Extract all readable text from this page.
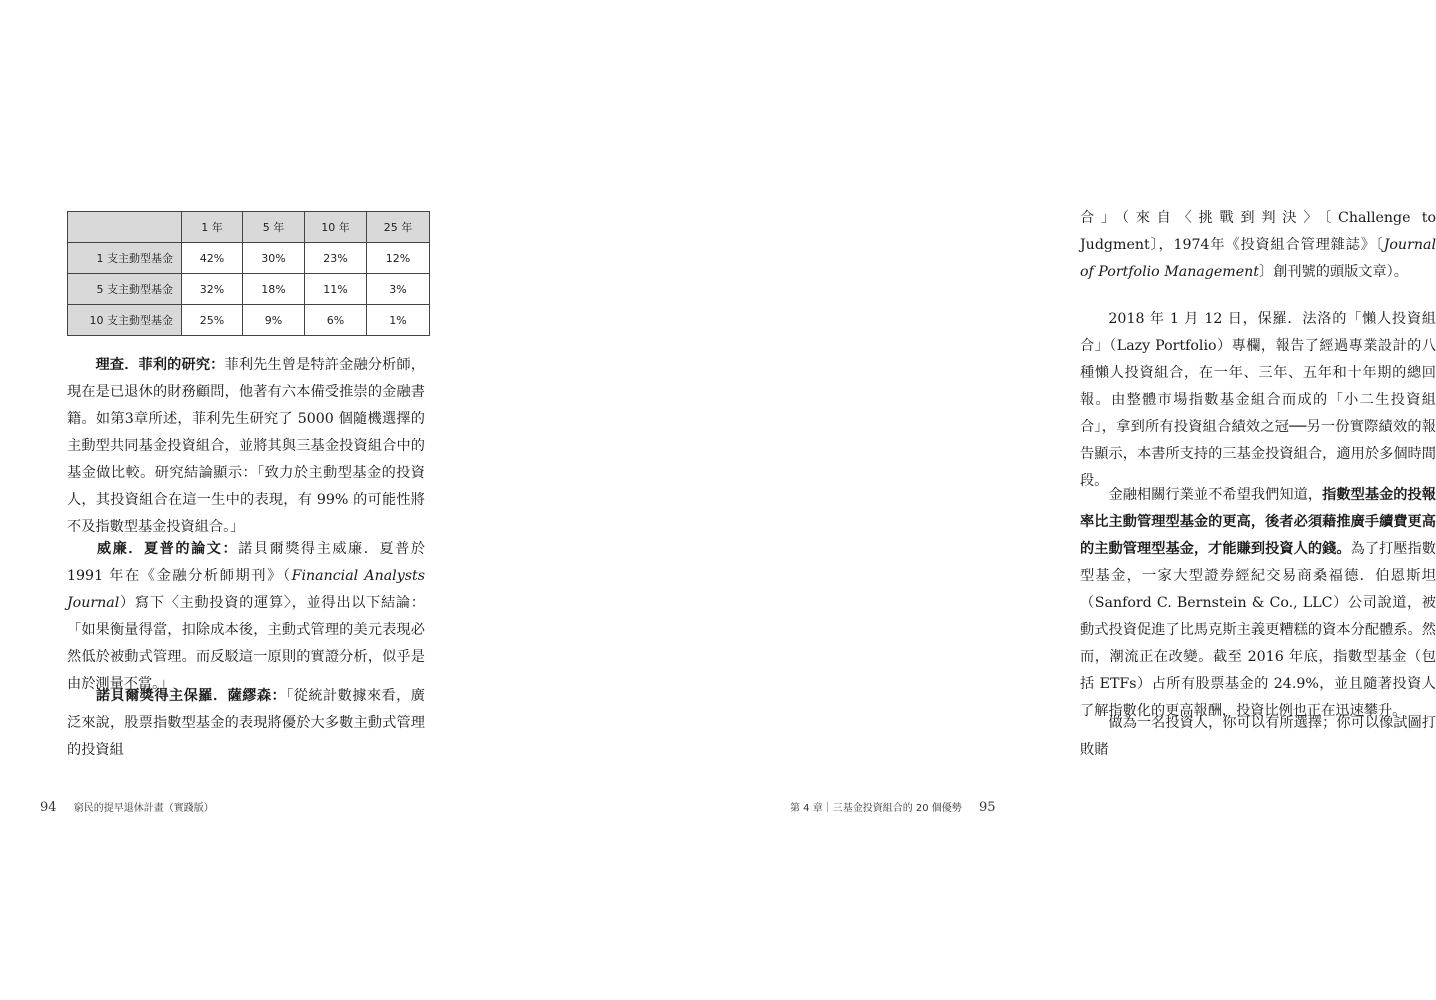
	1 年	5 年	10 年	25 年
1 支主動型基金	42%	30%	23%	12%
5 支主動型基金	32%	18%	11%	3%
10 支主動型基金	25%	9%	6%	1%
理查．菲利的研究：菲利先生曾是特許金融分析師，現在是已退休的財務顧問，他著有六本備受推崇的金融書籍。如第3章所述，菲利先生研究了 5000 個隨機選擇的主動型共同基金投資組合，並將其與三基金投資組合中的基金做比較。研究結論顯示：「致力於主動型基金的投資人，其投資組合在這一生中的表現，有 99% 的可能性將不及指數型基金投資組合。」
威廉．夏普的論文：諾貝爾獎得主威廉．夏普於 1991 年在《金融分析師期刊》（Financial Analysts Journal）寫下〈主動投資的運算〉，並得出以下結論：「如果衡量得當，扣除成本後，主動式管理的美元表現必然低於被動式管理。而反駁這一原則的實證分析，似乎是由於測量不當。」
諾貝爾獎得主保羅．薩繆森：「從統計數據來看，廣泛來說，股票指數型基金的表現將優於大多數主動式管理的投資組
94 窮民的提早退休計畫（實踐版）
合」（來自〈挑戰到判決〉〔Challenge to Judgment〕，1974年《投資組合管理雜誌》〔Journal of Portfolio Management〕創刊號的頭版文章）。
2018 年 1 月 12 日，保羅．法洛的「懶人投資組合」（Lazy Portfolio）專欄，報告了經過專業設計的八種懶人投資組合，在一年、三年、五年和十年期的總回報。由整體市場指數基金組合而成的「小二生投資組合」，拿到所有投資組合績效之冠──另一份實際績效的報告顯示，本書所支持的三基金投資組合，適用於多個時間段。
金融相關行業並不希望我們知道，指數型基金的投報率比主動管理型基金的更高，後者必須藉推廣手續費更高的主動管理型基金，才能賺到投資人的錢。為了打壓指數型基金，一家大型證券經紀交易商桑福德．伯恩斯坦（Sanford C. Bernstein & Co., LLC）公司說道，被動式投資促進了比馬克斯主義更糟糕的資本分配體系。然而，潮流正在改變。截至 2016 年底，指數型基金（包括 ETFs）占所有股票基金的 24.9%，並且隨著投資人了解指數化的更高報酬，投資比例也正在迅速攀升。
做為一名投資人，你可以有所選擇；你可以像試圖打敗賭
第 4 章｜三基金投資組合的 20 個優勢 95
